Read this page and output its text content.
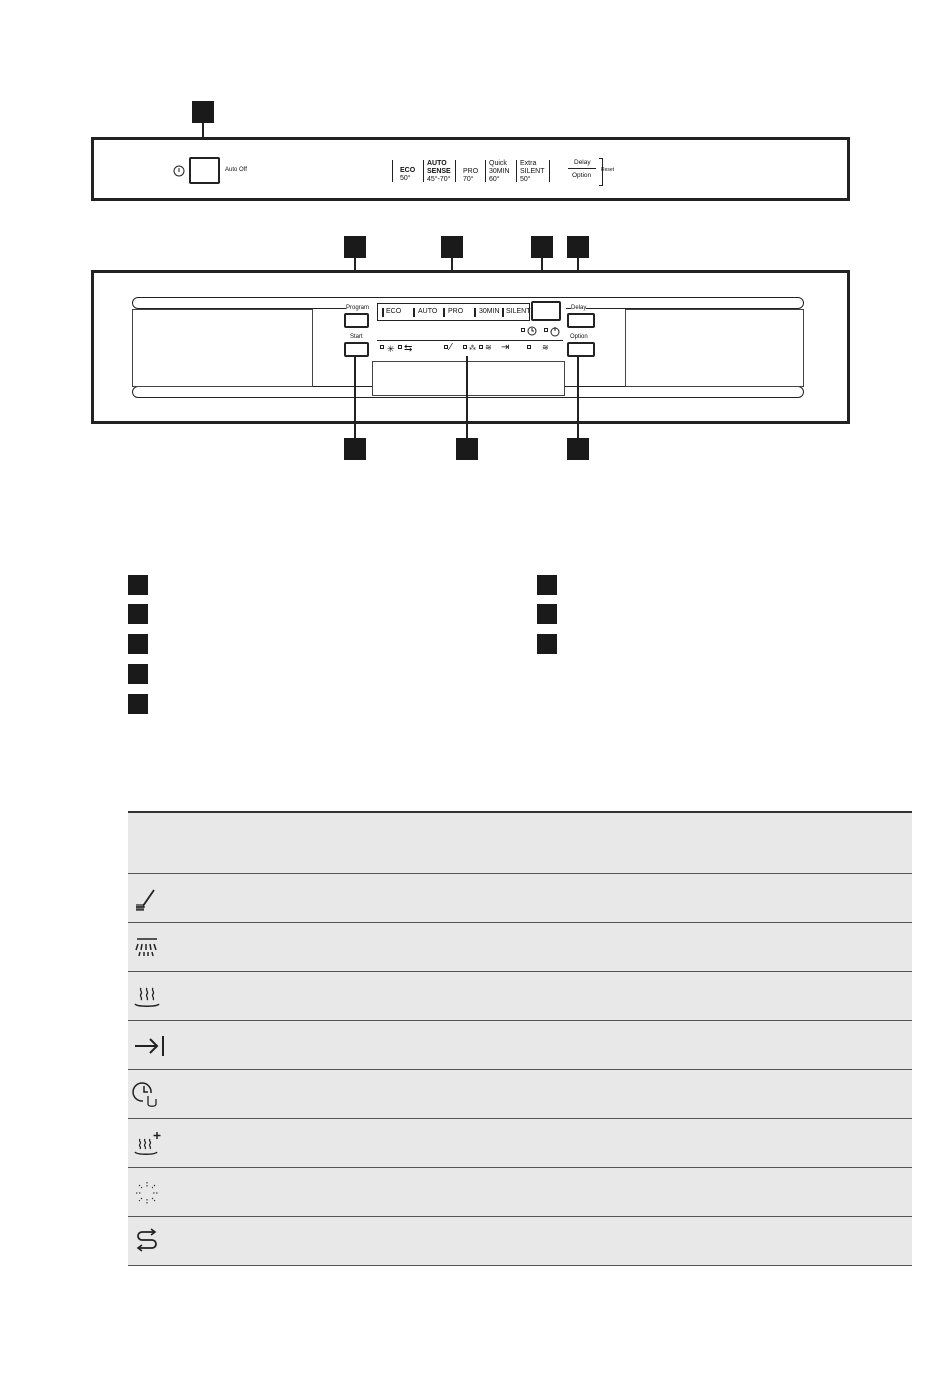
Auto Off	ECO
50°
AUTO SENSE
45°-70°
PRO
70°
Quick 30MIN
60°
Extra SILENT
50°
Delay
Option
Reset
Program ECO AUTO PRO 30MIN SILENT	Delay
Start
✳ ⇆	⁄ ⁂ ≋ ⇥	≋
Option
